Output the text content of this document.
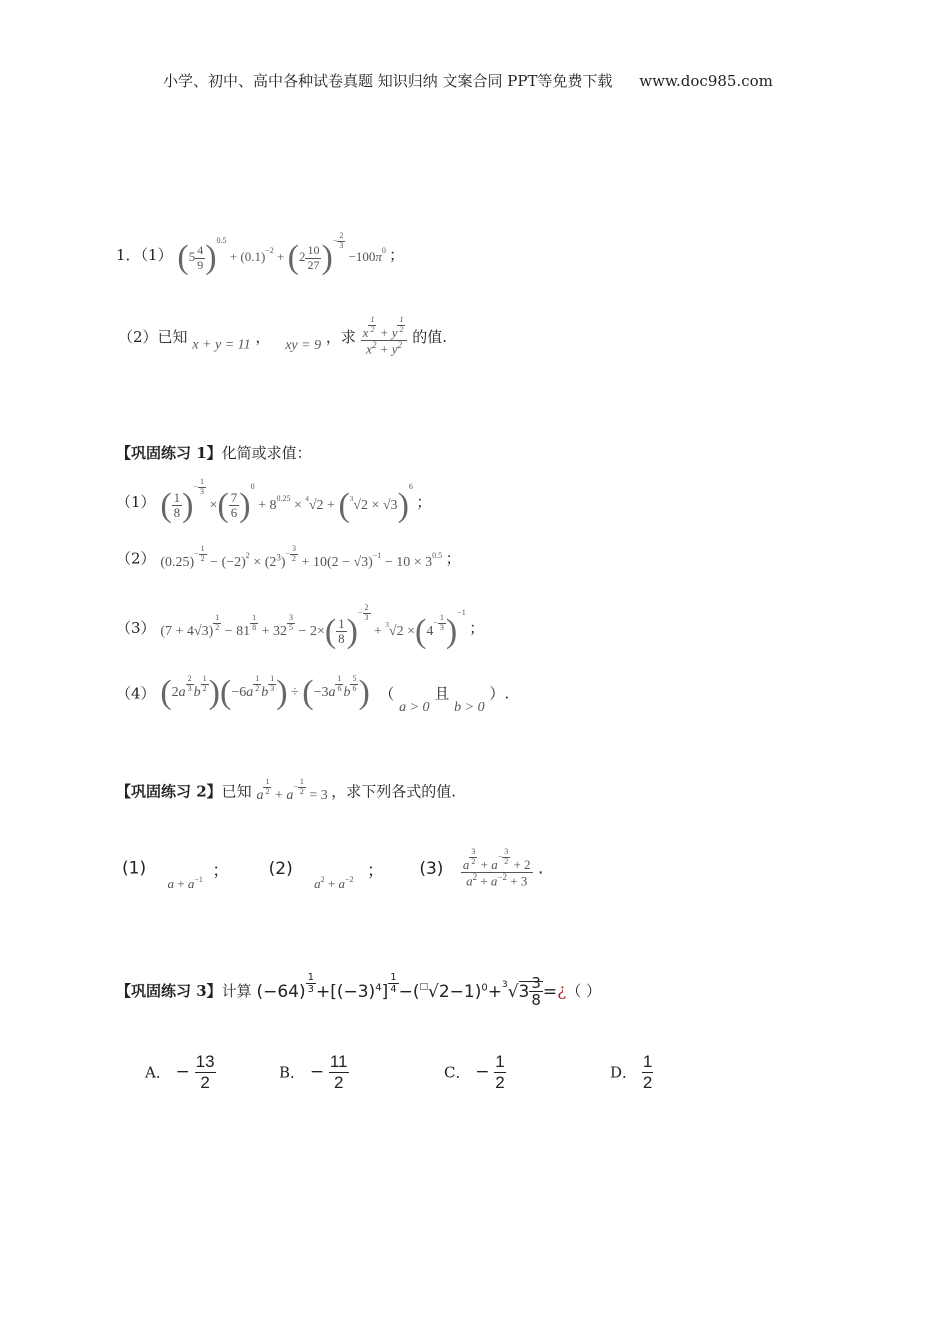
小学、初中、高中各种试卷真题 知识归纳 文案合同 PPT等免费下载 www.doc985.com
1．（1） $(5 \frac{4}{9} )^{0.5} + (0.1)^{-2} + (2 \frac{10}{27} )^{- \frac{2}{3}}$
$-100\pi^0$ ；
（2）已知 x + y = 11 ， xy = 9 ，求 x $^{\frac{1}{2}}$ + y $^{\frac{1}{2}}$
$x^2 + y^2$ 的值.
【巩固练习 1】化简或求值：
（1） ( $\frac{1}{8} )^{- \frac{1}{3}}$
×( $\frac{7}{6} )^0 + 8^{0.25} \times ^4√2 + (^3√2 \times √3)^6$ ；
（2） $(0.25)^{- \frac{1}{2}} - (-2)^2 \times (2^3)^{- \frac{3}{2}} + 10(2 - √3)^{-1} - 10 \times 3^{0.5}$ ；
（3） (7 + 4√3) $^{\frac{1}{2}}$ − 81 $^{\frac{1}{8}}$ + 32 $^{\frac{3}{5}} - 2\times( \frac{1}{8} )^{- \frac{2}{3}}$
+ $^3√2 \times(4^{- \frac{1}{3}}$ )$^{-1}$ ；
（4） (2a $^{\frac{2}{3}}$ b $^{\frac{1}{2}}$ )(−6a $^{\frac{1}{2}}$ b $^{\frac{1}{3}}$ ) ÷ (−3a $^{\frac{1}{6}}$ b $^{\frac{5}{6}}$ ) （ a > 0 且 b > 0 ）.
【巩固练习 2】已知 a $^{\frac{1}{2}} + a^{- \frac{1}{2}} = 3$ ，求下列各式的值.
(1) $_{a + a^{-1}}$ ； (2) $_{a^2 + a^{-2}}$ ； (3) a $^{\frac{3}{2}} + a^{- \frac{3}{2}} + 2$
$a^2 + a^{-2} + 3$ .
【巩固练习 3】计算 (−64) $^{\frac{1}{3}} +[(-3)^4]$ $^{\frac{1}{4}} -(^□√2-1)^0+^3√3 \frac{3}{8}$ =¿（ ）
A． − $\frac{13}{2}$	B． − $\frac{11}{2}$	C． − $\frac{1}{2}$	D． $\frac{1}{2}$
